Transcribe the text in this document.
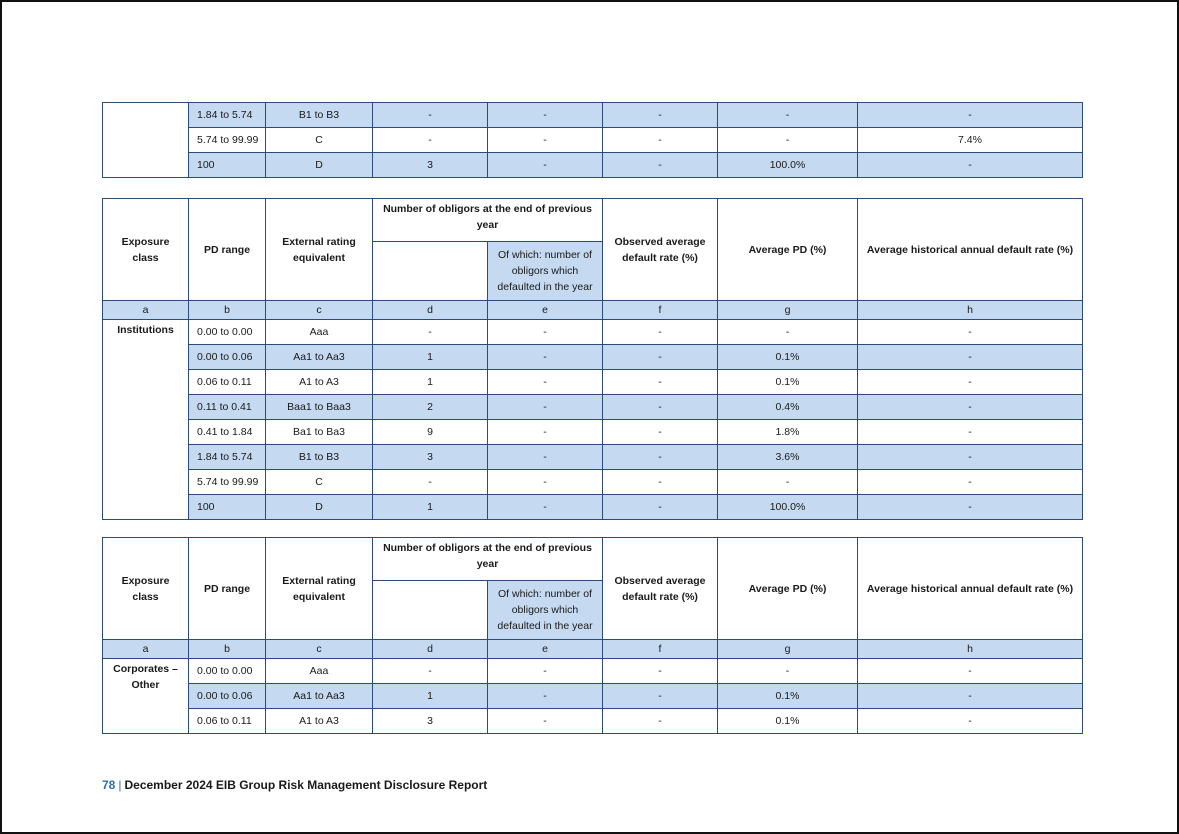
	1.84 to 5.74	B1 to B3	-	-	-	-	-
	5.74 to 99.99	C	-	-	-	-	7.4%
	100	D	3	-	-	100.0%	-
Exposure class	PD range	External rating equivalent	Number of obligors at the end of previous year		Observed average default rate (%)	Average PD (%)	Average historical annual default rate (%)
				Of which: number of obligors which defaulted in the year			
a	b	c	d	e	f	g	h
Institutions	0.00 to 0.00	Aaa	-	-	-	-	-
	0.00 to 0.06	Aa1 to Aa3	1	-	-	0.1%	-
	0.06 to 0.11	A1 to A3	1	-	-	0.1%	-
	0.11 to 0.41	Baa1 to Baa3	2	-	-	0.4%	-
	0.41 to 1.84	Ba1 to Ba3	9	-	-	1.8%	-
	1.84 to 5.74	B1 to B3	3	-	-	3.6%	-
	5.74 to 99.99	C	-	-	-	-	-
	100	D	1	-	-	100.0%	-
Exposure class	PD range	External rating equivalent	Number of obligors at the end of previous year		Observed average default rate (%)	Average PD (%)	Average historical annual default rate (%)
				Of which: number of obligors which defaulted in the year			
a	b	c	d	e	f	g	h
Corporates – Other	0.00 to 0.00	Aaa	-	-	-	-	-
	0.00 to 0.06	Aa1 to Aa3	1	-	-	0.1%	-
	0.06 to 0.11	A1 to A3	3	-	-	0.1%	-
78 | December 2024 EIB Group Risk Management Disclosure Report
